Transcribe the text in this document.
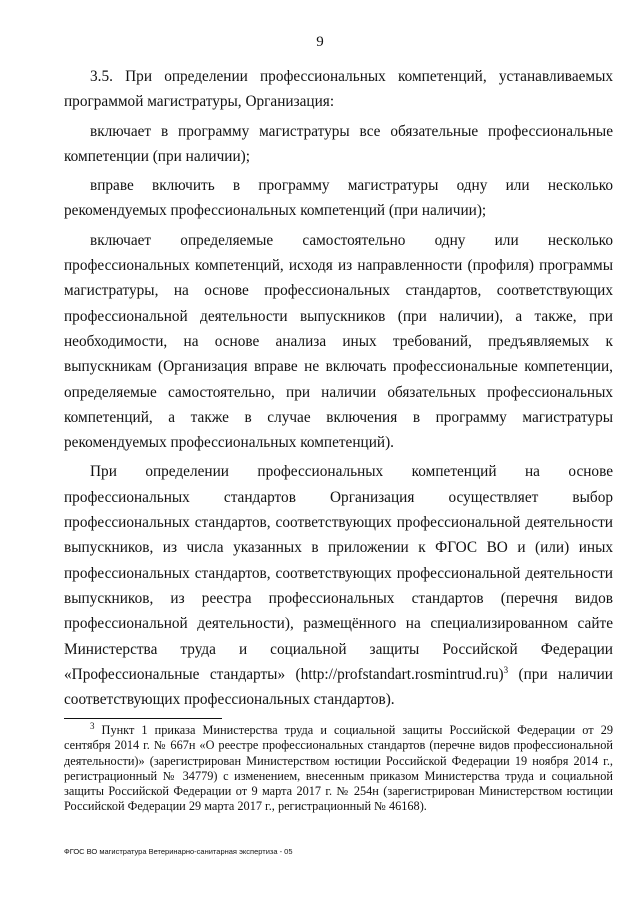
9

3.5. При определении профессиональных компетенций, устанавливаемых программой магистратуры, Организация:

включает в программу магистратуры все обязательные профессиональные компетенции (при наличии);

вправе включить в программу магистратуры одну или несколько рекомендуемых профессиональных компетенций (при наличии);

включает определяемые самостоятельно одну или несколько профессиональных компетенций, исходя из направленности (профиля) программы магистратуры, на основе профессиональных стандартов, соответствующих профессиональной деятельности выпускников (при наличии), а также, при необходимости, на основе анализа иных требований, предъявляемых к выпускникам (Организация вправе не включать профессиональные компетенции, определяемые самостоятельно, при наличии обязательных профессиональных компетенций, а также в случае включения в программу магистратуры рекомендуемых профессиональных компетенций).

При определении профессиональных компетенций на основе профессиональных стандартов Организация осуществляет выбор профессиональных стандартов, соответствующих профессиональной деятельности выпускников, из числа указанных в приложении к ФГОС ВО и (или) иных профессиональных стандартов, соответствующих профессиональной деятельности выпускников, из реестра профессиональных стандартов (перечня видов профессиональной деятельности), размещённого на специализированном сайте Министерства труда и социальной защиты Российской Федерации «Профессиональные стандарты» (http://profstandart.rosmintrud.ru)$^3$ (при наличии соответствующих профессиональных стандартов).

$^3$ Пункт 1 приказа Министерства труда и социальной защиты Российской Федерации от 29 сентября 2014 г. № 667н «О реестре профессиональных стандартов (перечне видов профессиональной деятельности)» (зарегистрирован Министерством юстиции Российской Федерации 19 ноября 2014 г., регистрационный № 34779) с изменением, внесенным приказом Министерства труда и социальной защиты Российской Федерации от 9 марта 2017 г. № 254н (зарегистрирован Министерством юстиции Российской Федерации 29 марта 2017 г., регистрационный № 46168).

ФГОС ВО магистратура Ветеринарно-санитарная экспертиза - 05
